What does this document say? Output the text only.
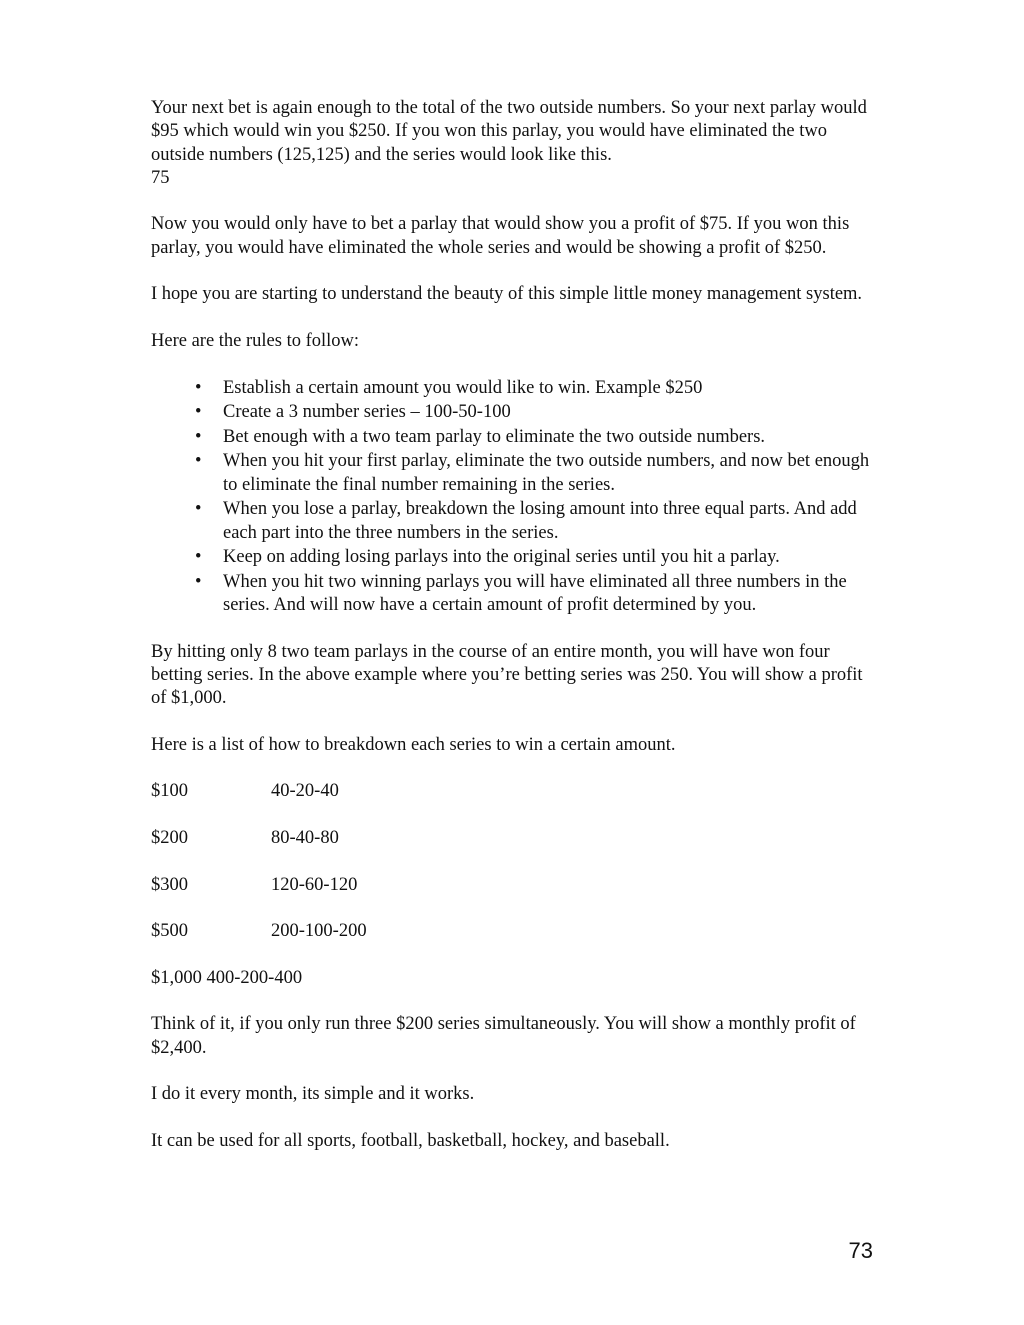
Your next bet is again enough to the total of the two outside numbers. So your next parlay would $95 which would win you $250. If you won this parlay, you would have eliminated the two outside numbers (125,125) and the series would look like this.
75

Now you would only have to bet a parlay that would show you a profit of $75. If you won this parlay, you would have eliminated the whole series and would be showing a profit of $250.

I hope you are starting to understand the beauty of this simple little money management system.

Here are the rules to follow:

• Establish a certain amount you would like to win. Example $250
• Create a 3 number series – 100-50-100
• Bet enough with a two team parlay to eliminate the two outside numbers.
• When you hit your first parlay, eliminate the two outside numbers, and now bet enough to eliminate the final number remaining in the series.
• When you lose a parlay, breakdown the losing amount into three equal parts. And add each part into the three numbers in the series.
• Keep on adding losing parlays into the original series until you hit a parlay.
• When you hit two winning parlays you will have eliminated all three numbers in the series. And will now have a certain amount of profit determined by you.

By hitting only 8 two team parlays in the course of an entire month, you will have won four betting series. In the above example where you’re betting series was 250. You will show a profit of $1,000.

Here is a list of how to breakdown each series to win a certain amount.

$100	40-20-40
$200	80-40-80
$300	120-60-120
$500	200-100-200

$1,000 400-200-400

Think of it, if you only run three $200 series simultaneously. You will show a monthly profit of $2,400.

I do it every month, its simple and it works.

It can be used for all sports, football, basketball, hockey, and baseball.

73
